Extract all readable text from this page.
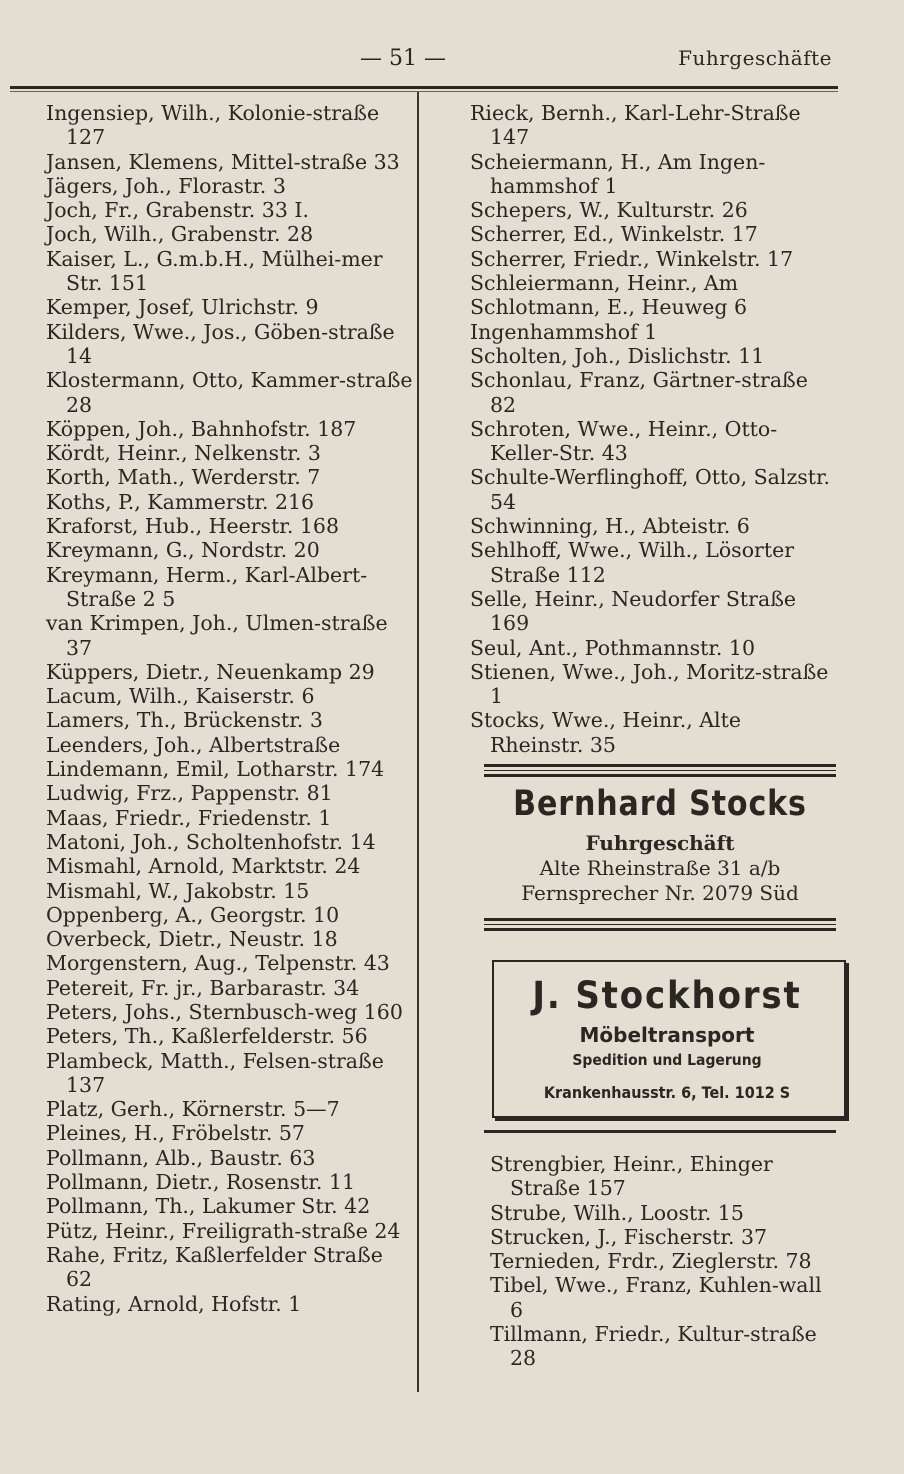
— 51 —	Fuhrgeschäfte
Ingensiep, Wilh., Kolonie-straße 127
Jansen, Klemens, Mittel-straße 33
Jägers, Joh., Florastr. 3
Joch, Fr., Grabenstr. 33 I.
Joch, Wilh., Grabenstr. 28
Kaiser, L., G.m.b.H., Mülhei-mer Str. 151
Kemper, Josef, Ulrichstr. 9
Kilders, Wwe., Jos., Göben-straße 14
Klostermann, Otto, Kammer-straße 28
Köppen, Joh., Bahnhofstr. 187
Kördt, Heinr., Nelkenstr. 3
Korth, Math., Werderstr. 7
Koths, P., Kammerstr. 216
Kraforst, Hub., Heerstr. 168
Kreymann, G., Nordstr. 20
Kreymann, Herm., Karl-Albert-Straße 2 5
van Krimpen, Joh., Ulmen-straße 37
Küppers, Dietr., Neuenkamp 29
Lacum, Wilh., Kaiserstr. 6
Lamers, Th., Brückenstr. 3
Leenders, Joh., Albertstraße
Lindemann, Emil, Lotharstr. 174
Ludwig, Frz., Pappenstr. 81
Maas, Friedr., Friedenstr. 1
Matoni, Joh., Scholtenhofstr. 14
Mismahl, Arnold, Marktstr. 24
Mismahl, W., Jakobstr. 15
Oppenberg, A., Georgstr. 10
Overbeck, Dietr., Neustr. 18
Morgenstern, Aug., Telpenstr. 43
Petereit, Fr. jr., Barbarastr. 34
Peters, Johs., Sternbusch-weg 160
Peters, Th., Kaßlerfelderstr. 56
Plambeck, Matth., Felsen-straße 137
Platz, Gerh., Körnerstr. 5—7
Pleines, H., Fröbelstr. 57
Pollmann, Alb., Baustr. 63
Pollmann, Dietr., Rosenstr. 11
Pollmann, Th., Lakumer Str. 42
Pütz, Heinr., Freiligrath-straße 24
Rahe, Fritz, Kaßlerfelder Straße 62
Rating, Arnold, Hofstr. 1
Rieck, Bernh., Karl-Lehr-Straße 147
Scheiermann, H., Am Ingen-hammshof 1
Schepers, W., Kulturstr. 26
Scherrer, Ed., Winkelstr. 17
Scherrer, Friedr., Winkelstr. 17
Schleiermann, Heinr., Am
Schlotmann, E., Heuweg 6
Ingenhammshof 1
Scholten, Joh., Dislichstr. 11
Schonlau, Franz, Gärtner-straße 82
Schroten, Wwe., Heinr., Otto-Keller-Str. 43
Schulte-Werflinghoff, Otto, Salzstr. 54
Schwinning, H., Abteistr. 6
Sehlhoff, Wwe., Wilh., Lösorter Straße 112
Selle, Heinr., Neudorfer Straße 169
Seul, Ant., Pothmannstr. 10
Stienen, Wwe., Joh., Moritz-straße 1
Stocks, Wwe., Heinr., Alte Rheinstr. 35
Bernhard Stocks
Fuhrgeschäft
Alte Rheinstraße 31 a/b
Fernsprecher Nr. 2079 Süd
J. Stockhorst
Möbeltransport
Spedition und Lagerung
Krankenhausstr. 6, Tel. 1012 S
Strengbier, Heinr., Ehinger Straße 157
Strube, Wilh., Loostr. 15
Strucken, J., Fischerstr. 37
Ternieden, Frdr., Zieglerstr. 78
Tibel, Wwe., Franz, Kuhlen-wall 6
Tillmann, Friedr., Kultur-straße 28
